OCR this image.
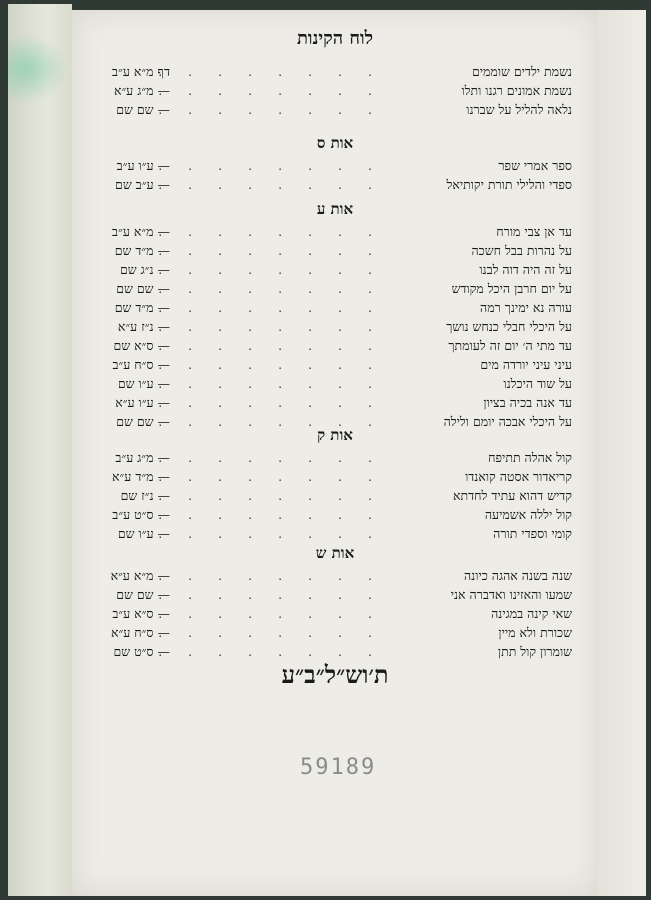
לוח הקינות
נשמת ילדים שוממים
........
דף מ״א ע״ב
נשמת אמונים רגנו ותלו
........
— מ״ג ע״א
נלאה להליל על שברנו
........
— שם שם
אות ס
ספר אמרי שפר
........
— ע״ו ע״ב
ספדי והלילי תורת יקותיאל
........
— ע״ב שם
אות ע
עד אן צבי מורח
........
— מ״א ע״ב
על נהרות בבל חשכה
........
— מ״ד שם
על זה היה דוה לבנו
........
— נ״ג שם
על יום חרבן היכל מקודש
........
— שם שם
עורה נא ימינך רמה
........
— מ״ד שם
על היכלי חבלי כנחש נושך
........
— נ״ז ע״א
עד מתי ה׳ יום זה לעומתך
........
— ס״א שם
עיני עיני יורדה מים
........
— ס״ח ע״ב
על שוד היכלנו
........
— ע״ו שם
עד אנה בכיה בציון
........
— ע״ו ע״א
על היכלי אבכה יומם ולילה
........
— שם שם
אות ק
קול אהלה תתיפח
........
— מ״ג ע״ב
קריאדור אסטה קואנדו
........
— מ״ד ע״א
קדיש דהוא עתיד לחדתא
........
— נ״ז שם
קול יללה אשמיעה
........
— ס״ט ע״ב
קומי וספדי תורה
........
— ע״ו שם
אות ש
שנה בשנה אהגה כיונה
........
— מ״א ע״א
שמעו והאזינו ואדברה אני
........
— שם שם
שאי קינה במגינה
........
— ס״א ע״ב
שכורת ולא מיין
........
— ס״ח ע״א
שומרון קול תתן
........
— ס״ט שם
ת׳וש״ל״ב״ע
59189
